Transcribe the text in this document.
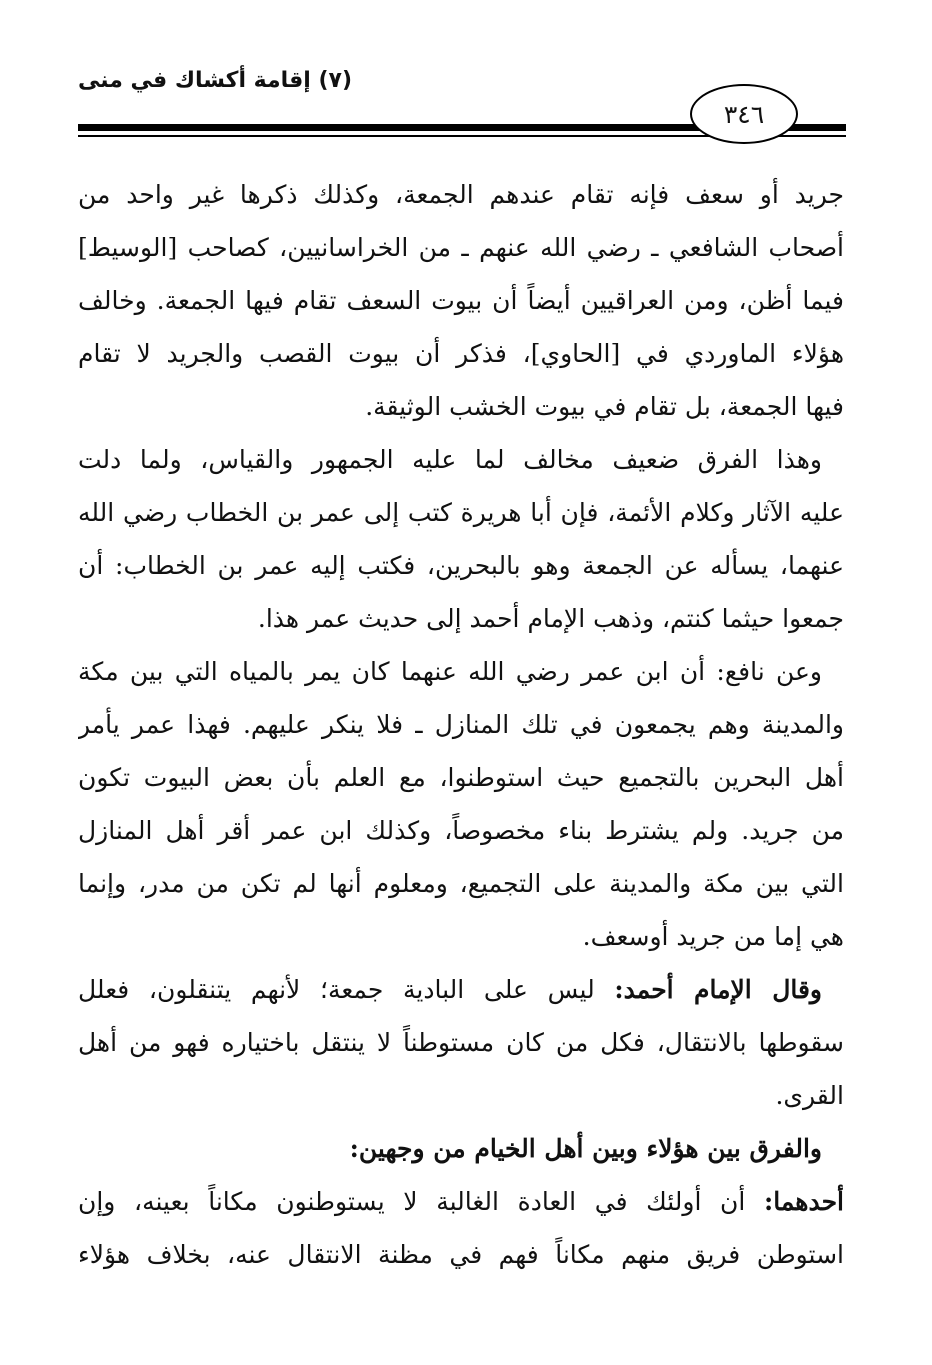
(٧) إقامة أكشاك في منى
٣٤٦
جريد أو سعف فإنه تقام عندهم الجمعة، وكذلك ذكرها غير واحد من
أصحاب الشافعي ـ رضي الله عنهم ـ من الخراسانيين، كصاحب [الوسيط]
فيما أظن، ومن العراقيين أيضاً أن بيوت السعف تقام فيها الجمعة. وخالف
هؤلاء الماوردي في [الحاوي]، فذكر أن بيوت القصب والجريد لا تقام
فيها الجمعة، بل تقام في بيوت الخشب الوثيقة.
وهذا الفرق ضعيف مخالف لما عليه الجمهور والقياس، ولما دلت
عليه الآثار وكلام الأئمة، فإن أبا هريرة كتب إلى عمر بن الخطاب رضي الله
عنهما، يسأله عن الجمعة وهو بالبحرين، فكتب إليه عمر بن الخطاب: أن
جمعوا حيثما كنتم، وذهب الإمام أحمد إلى حديث عمر هذا.
وعن نافع: أن ابن عمر رضي الله عنهما كان يمر بالمياه التي بين مكة
والمدينة وهم يجمعون في تلك المنازل ـ فلا ينكر عليهم. فهذا عمر يأمر
أهل البحرين بالتجميع حيث استوطنوا، مع العلم بأن بعض البيوت تكون
من جريد. ولم يشترط بناء مخصوصاً، وكذلك ابن عمر أقر أهل المنازل
التي بين مكة والمدينة على التجميع، ومعلوم أنها لم تكن من مدر، وإنما
هي إما من جريد أوسعف.
وقال الإمام أحمد: ليس على البادية جمعة؛ لأنهم يتنقلون، فعلل
سقوطها بالانتقال، فكل من كان مستوطناً لا ينتقل باختياره فهو من أهل
القرى.
والفرق بين هؤلاء وبين أهل الخيام من وجهين:
أحدهما: أن أولئك في العادة الغالبة لا يستوطنون مكاناً بعينه، وإن
استوطن فريق منهم مكاناً فهم في مظنة الانتقال عنه، بخلاف هؤلاء
